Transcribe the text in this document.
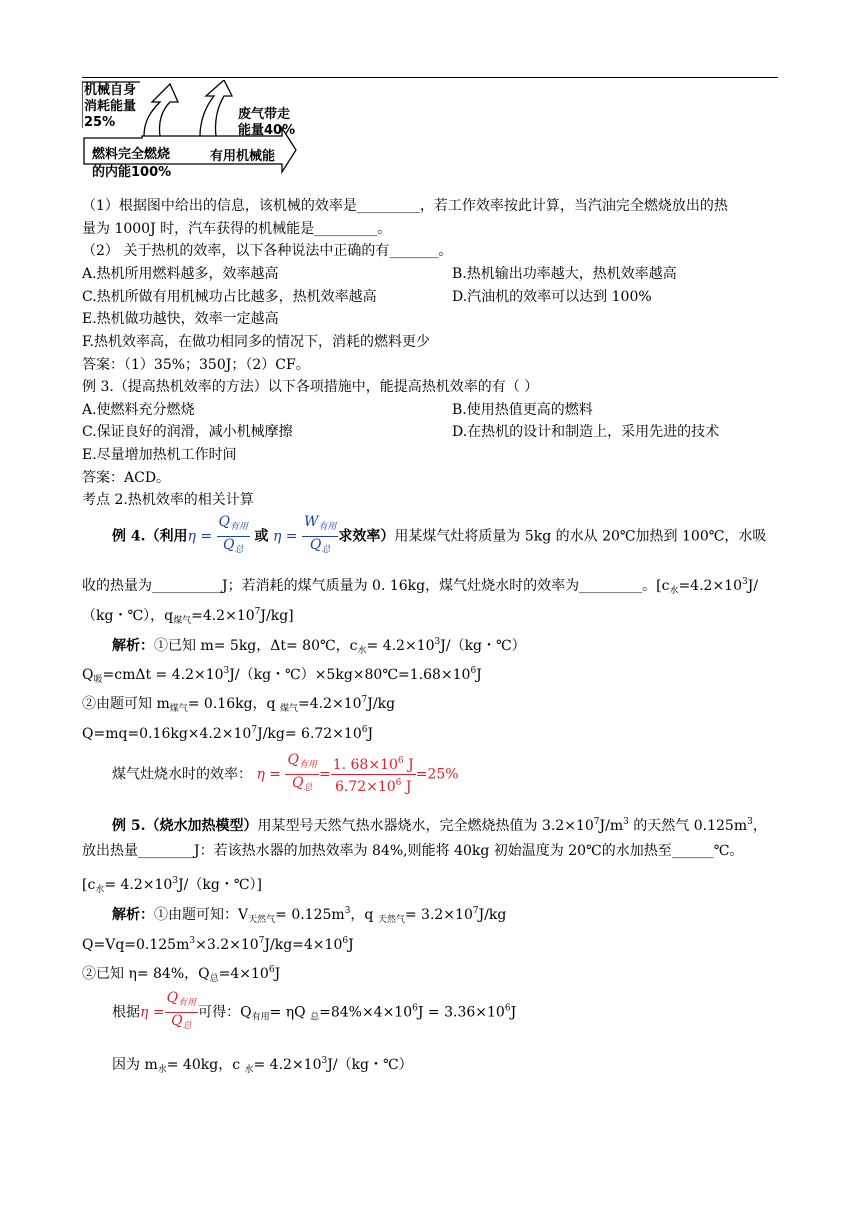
机械自身
消耗能量
25%
废气带走
能量40%
燃料完全燃烧
的内能100%
有用机械能
（1）根据图中给出的信息，该机械的效率是_________，若工作效率按此计算，当汽油完全燃烧放出的热
量为 1000J 时，汽车获得的机械能是_________。
（2） 关于热机的效率，以下各种说法中正确的有_______。
A.热机所用燃料越多，效率越高	B.热机输出功率越大，热机效率越高
C.热机所做有用机械功占比越多，热机效率越高	D.汽油机的效率可以达到 100%
E.热机做功越快，效率一定越高
F.热机效率高，在做功相同多的情况下，消耗的燃料更少
答案：（1）35%；350J；（2）CF。
例 3.（提高热机效率的方法）以下各项措施中，能提高热机效率的有（ ）
A.使燃料充分燃烧	B.使用热值更高的燃料
C.保证良好的润滑，减小机械摩擦	D.在热机的设计和制造上，采用先进的技术
E.尽量增加热机工作时间
答案：ACD。
考点 2.热机效率的相关计算
例 4.（利用$\eta = \frac{Q_{有用}}{Q_总}$ 或 $\eta = \frac{W_{有用}}{Q_总}$ 求效率）用某煤气灶将质量为 5kg 的水从 20℃加热到 100℃，水吸
收的热量为__________J；若消耗的煤气质量为 0. 16kg，煤气灶烧水时的效率为_________。[$c_水=4.2\times 10^3J/$
（kg・℃），$q_{煤气}=4.2\times 10^7J/kg$]
解析：①已知 m= 5kg，Δt= 80℃，$c_水= 4.2\times 10^3J/(kg$・℃）
$Q_吸=cm\Delta t = 4.2\times 10^3J/(kg$・$℃)\times 5kg\times 80℃=1.68\times 10^6J$
②由题可知 $m_{煤气}= 0.16kg$，q $_{煤气}=4.2\times 10^7J/kg$
$Q=mq=0.16kg\times 4.2\times 10^7J/kg= 6.72\times 10^6J$
煤气灶烧水时的效率： $\eta = \frac{Q_{有用}}{Q_总} = \frac{1. 68\times 10^6 J}{6.72\times 10^6 J} =25\%$
例 5.（烧水加热模型）用某型号天然气热水器烧水，完全燃烧热值为 $3.2\times 10^7J/m^3$ 的天然气 $0.125m^3$，
放出热量________J：若该热水器的加热效率为 84%,则能将 40kg 初始温度为 20℃的水加热至______℃。
[$c_水= 4.2\times 10^3J/(kg$・℃）]
解析：①由题可知：$V_{天然气}= 0.125m^3$，q $_{天然气}= 3.2\times 10^7J/kg$
$Q=Vq=0.125m^3\times 3.2\times 10^7J/kg=4\times 10^6J$
②已知 η= 84%，$Q_总=4\times 10^6J$
根据$\eta = \frac{Q_{有用}}{Q_总}$ 可得：$Q_{有用}= \eta Q$ $_总=84\%\times 4\times 10^6J = 3.36\times 10^6J$
因为 $m_水= 40kg$，c $_水= 4.2\times 10^3J/(kg$・℃）
